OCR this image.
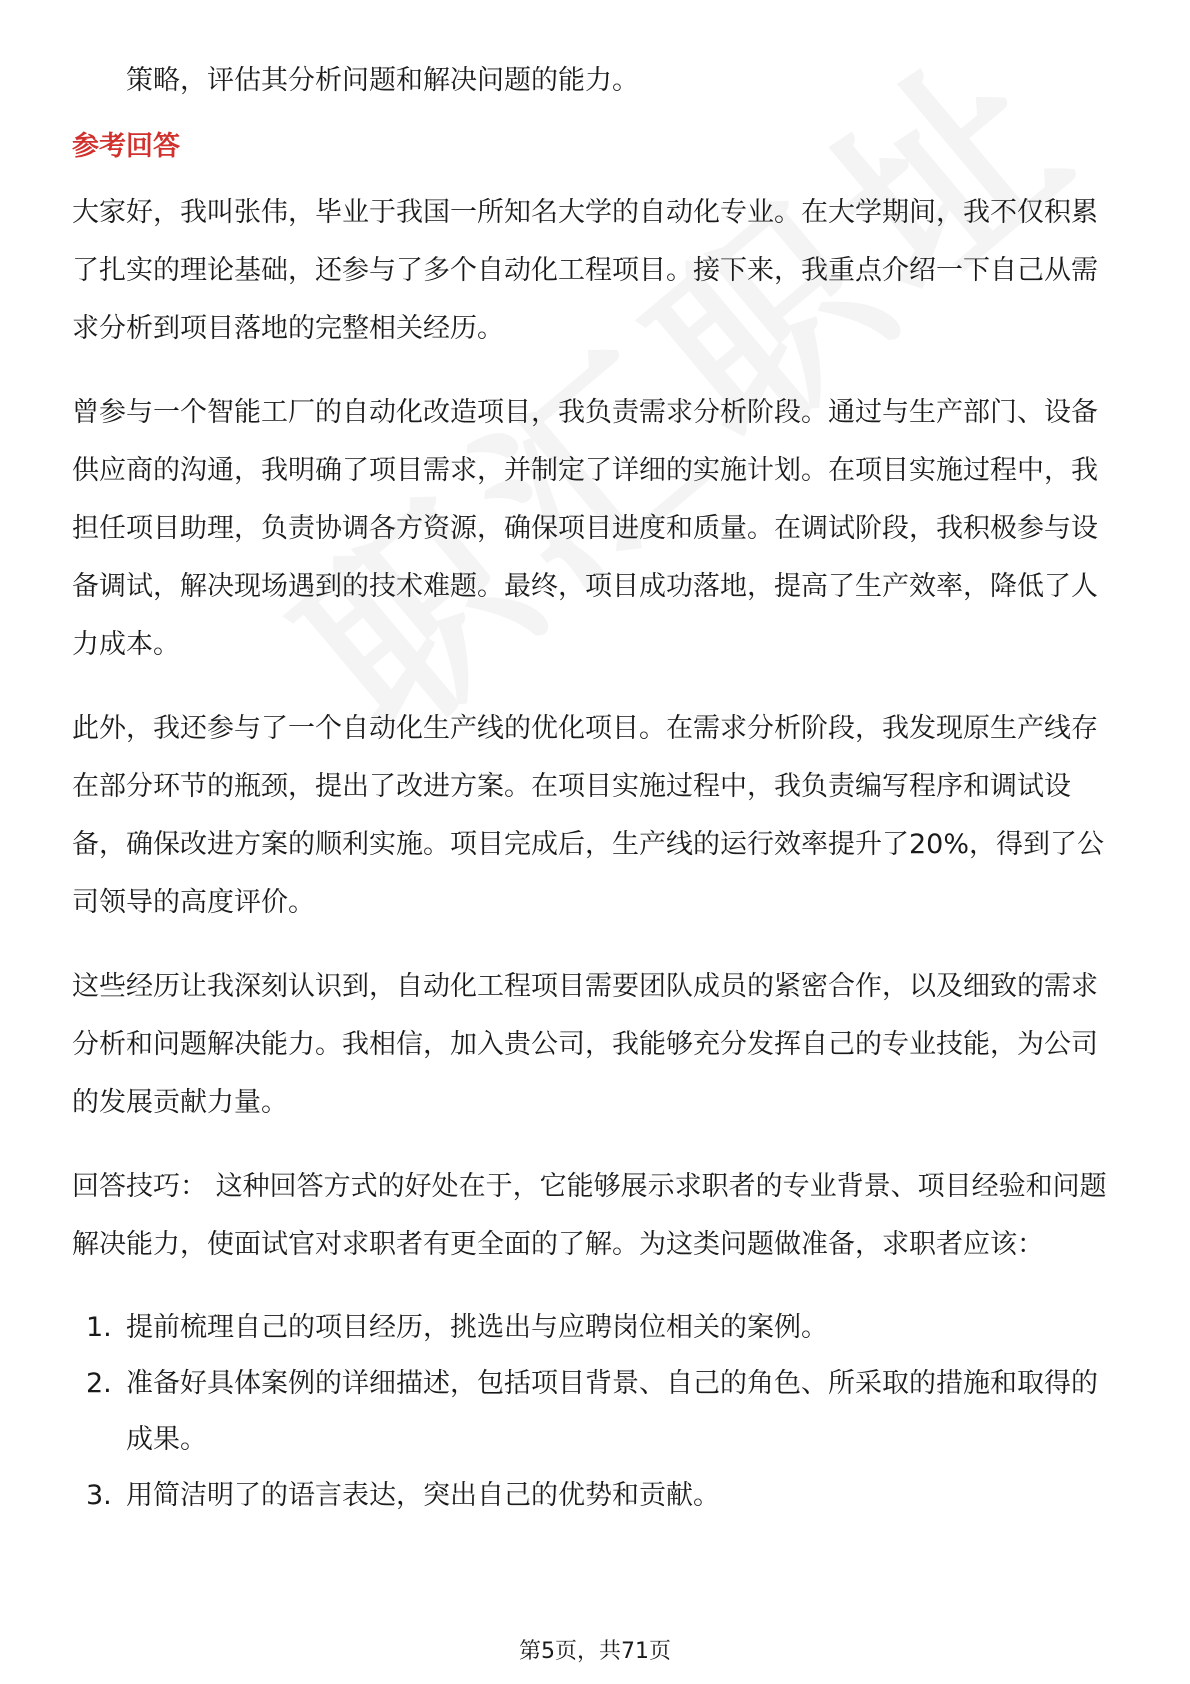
策略，评估其分析问题和解决问题的能力。

参考回答

大家好，我叫张伟，毕业于我国一所知名大学的自动化专业。在大学期间，我不仅积累了扎实的理论基础，还参与了多个自动化工程项目。接下来，我重点介绍一下自己从需求分析到项目落地的完整相关经历。

曾参与一个智能工厂的自动化改造项目，我负责需求分析阶段。通过与生产部门、设备供应商的沟通，我明确了项目需求，并制定了详细的实施计划。在项目实施过程中，我担任项目助理，负责协调各方资源，确保项目进度和质量。在调试阶段，我积极参与设备调试，解决现场遇到的技术难题。最终，项目成功落地，提高了生产效率，降低了人力成本。

此外，我还参与了一个自动化生产线的优化项目。在需求分析阶段，我发现原生产线存在部分环节的瓶颈，提出了改进方案。在项目实施过程中，我负责编写程序和调试设备，确保改进方案的顺利实施。项目完成后，生产线的运行效率提升了20%，得到了公司领导的高度评价。

这些经历让我深刻认识到，自动化工程项目需要团队成员的紧密合作，以及细致的需求分析和问题解决能力。我相信，加入贵公司，我能够充分发挥自己的专业技能，为公司的发展贡献力量。

回答技巧： 这种回答方式的好处在于，它能够展示求职者的专业背景、项目经验和问题解决能力，使面试官对求职者有更全面的了解。为这类问题做准备，求职者应该：

1. 提前梳理自己的项目经历，挑选出与应聘岗位相关的案例。
2. 准备好具体案例的详细描述，包括项目背景、自己的角色、所采取的措施和取得的成果。
3. 用简洁明了的语言表达，突出自己的优势和贡献。
第5页，共71页
